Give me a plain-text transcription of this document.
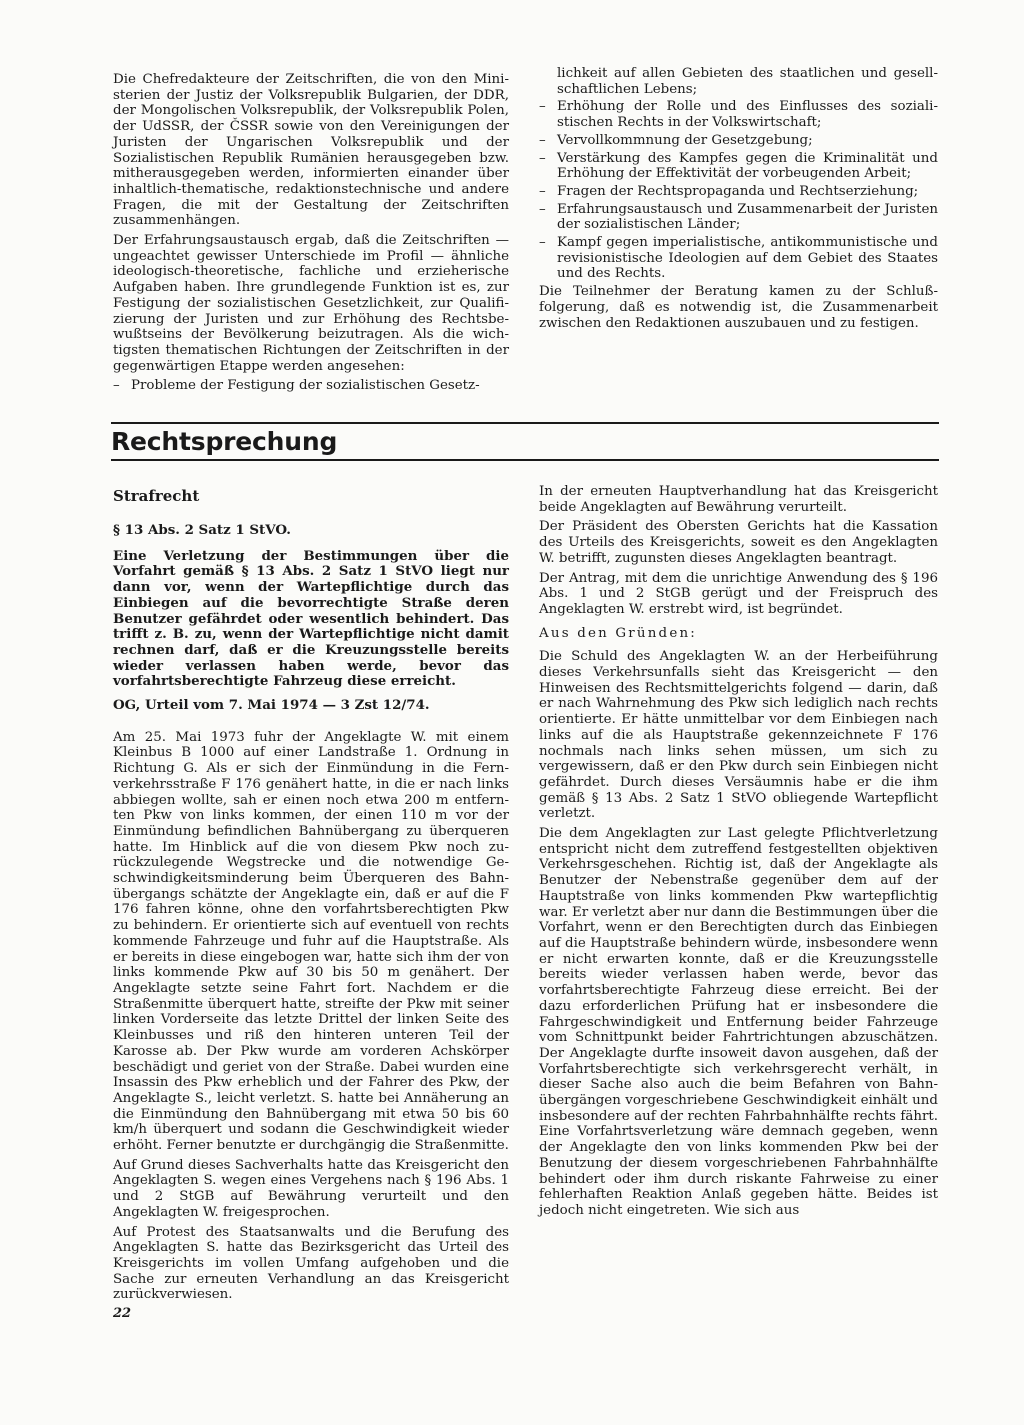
Die Chefredakteure der Zeitschriften, die von den Ministerien der Justiz der Volksrepublik Bulgarien, der DDR, der Mongolischen Volksrepublik, der Volksrepublik Polen, der UdSSR, der ČSSR sowie von den Vereinigungen der Juristen der Ungarischen Volksrepublik und der Sozialistischen Republik Rumänien herausgegeben bzw. mitherausgegeben werden, informierten einander über inhaltlich-thematische, redaktionstechnische und andere Fragen, die mit der Gestaltung der Zeitschriften zusammenhängen.

Der Erfahrungsaustausch ergab, daß die Zeitschriften — ungeachtet gewisser Unterschiede im Profil — ähnliche ideologisch-theoretische, fachliche und erzieherische Aufgaben haben. Ihre grundlegende Funktion ist es, zur Festigung der sozialistischen Gesetzlichkeit, zur Qualifizierung der Juristen und zur Erhöhung des Rechtsbewußtseins der Bevölkerung beizutragen. Als die wichtigsten thematischen Richtungen der Zeitschriften in der gegenwärtigen Etappe werden angesehen:

– Probleme der Festigung der sozialistischen Gesetz-
lichkeit auf allen Gebieten des staatlichen und gesellschaftlichen Lebens;
– Erhöhung der Rolle und des Einflusses des sozialistischen Rechts in der Volkswirtschaft;
– Vervollkommnung der Gesetzgebung;
– Verstärkung des Kampfes gegen die Kriminalität und Erhöhung der Effektivität der vorbeugenden Arbeit;
– Fragen der Rechtspropaganda und Rechtserziehung;
– Erfahrungsaustausch und Zusammenarbeit der Juristen der sozialistischen Länder;
– Kampf gegen imperialistische, antikommunistische und revisionistische Ideologien auf dem Gebiet des Staates und des Rechts.

Die Teilnehmer der Beratung kamen zu der Schlußfolgerung, daß es notwendig ist, die Zusammenarbeit zwischen den Redaktionen auszubauen und zu festigen.

Rechtsprechung
Strafrecht
§ 13 Abs. 2 Satz 1 StVO.
Eine Verletzung der Bestimmungen über die Vorfahrt gemäß § 13 Abs. 2 Satz 1 StVO liegt nur dann vor, wenn der Wartepflichtige durch das Einbiegen auf die bevorrechtigte Straße deren Benutzer gefährdet oder wesentlich behindert. Das trifft z. B. zu, wenn der Wartepflichtige nicht damit rechnen darf, daß er die Kreuzungsstelle bereits wieder verlassen haben werde, bevor das vorfahrtsberechtigte Fahrzeug diese erreicht.
OG, Urteil vom 7. Mai 1974 — 3 Zst 12/74.

Am 25. Mai 1973 fuhr der Angeklagte W. mit einem Kleinbus B 1000 auf einer Landstraße 1. Ordnung in Richtung G. Als er sich der Einmündung in die Fernverkehrsstraße F 176 genähert hatte, in die er nach links abbiegen wollte, sah er einen noch etwa 200 m entfernten Pkw von links kommen, der einen 110 m vor der Einmündung befindlichen Bahnübergang zu überqueren hatte. Im Hinblick auf die von diesem Pkw noch zurückzulegende Wegstrecke und die notwendige Geschwindigkeitsminderung beim Überqueren des Bahnübergangs schätzte der Angeklagte ein, daß er auf die F 176 fahren könne, ohne den vorfahrtsberechtigten Pkw zu behindern. Er orientierte sich auf eventuell von rechts kommende Fahrzeuge und fuhr auf die Hauptstraße. Als er bereits in diese eingebogen war, hatte sich ihm der von links kommende Pkw auf 30 bis 50 m genähert. Der Angeklagte setzte seine Fahrt fort. Nachdem er die Straßenmitte überquert hatte, streifte der Pkw mit seiner linken Vorderseite das letzte Drittel der linken Seite des Kleinbusses und riß den hinteren unteren Teil der Karosse ab. Der Pkw wurde am vorderen Achskörper beschädigt und geriet von der Straße. Dabei wurden eine Insassin des Pkw erheblich und der Fahrer des Pkw, der Angeklagte S., leicht verletzt. S. hatte bei Annäherung an die Einmündung den Bahnübergang mit etwa 50 bis 60 km/h überquert und sodann die Geschwindigkeit wieder erhöht. Ferner benutzte er durchgängig die Straßenmitte.

Auf Grund dieses Sachverhalts hatte das Kreisgericht den Angeklagten S. wegen eines Vergehens nach § 196 Abs. 1 und 2 StGB auf Bewährung verurteilt und den Angeklagten W. freigesprochen.

Auf Protest des Staatsanwalts und die Berufung des Angeklagten S. hatte das Bezirksgericht das Urteil des Kreisgerichts im vollen Umfang aufgehoben und die Sache zur erneuten Verhandlung an das Kreisgericht zurückverwiesen.

In der erneuten Hauptverhandlung hat das Kreisgericht beide Angeklagten auf Bewährung verurteilt.

Der Präsident des Obersten Gerichts hat die Kassation des Urteils des Kreisgerichts, soweit es den Angeklagten W. betrifft, zugunsten dieses Angeklagten beantragt.

Der Antrag, mit dem die unrichtige Anwendung des § 196 Abs. 1 und 2 StGB gerügt und der Freispruch des Angeklagten W. erstrebt wird, ist begründet.

Aus den Gründen:

Die Schuld des Angeklagten W. an der Herbeiführung dieses Verkehrsunfalls sieht das Kreisgericht — den Hinweisen des Rechtsmittelgerichts folgend — darin, daß er nach Wahrnehmung des Pkw sich lediglich nach rechts orientierte. Er hätte unmittelbar vor dem Einbiegen nach links auf die als Hauptstraße gekennzeichnete F 176 nochmals nach links sehen müssen, um sich zu vergewissern, daß er den Pkw durch sein Einbiegen nicht gefährdet. Durch dieses Versäumnis habe er die ihm gemäß § 13 Abs. 2 Satz 1 StVO obliegende Wartepflicht verletzt.

Die dem Angeklagten zur Last gelegte Pflichtverletzung entspricht nicht dem zutreffend festgestellten objektiven Verkehrsgeschehen. Richtig ist, daß der Angeklagte als Benutzer der Nebenstraße gegenüber dem auf der Hauptstraße von links kommenden Pkw wartepflichtig war. Er verletzt aber nur dann die Bestimmungen über die Vorfahrt, wenn er den Berechtigten durch das Einbiegen auf die Hauptstraße behindern würde, insbesondere wenn er nicht erwarten konnte, daß er die Kreuzungsstelle bereits wieder verlassen haben werde, bevor das vorfahrtsberechtigte Fahrzeug diese erreicht. Bei der dazu erforderlichen Prüfung hat er insbesondere die Fahrgeschwindigkeit und Entfernung beider Fahrzeuge vom Schnittpunkt beider Fahrtrichtungen abzuschätzen. Der Angeklagte durfte insoweit davon ausgehen, daß der Vorfahrtsberechtigte sich verkehrsgerecht verhält, in dieser Sache also auch die beim Befahren von Bahnübergängen vorgeschriebene Geschwindigkeit einhält und insbesondere auf der rechten Fahrbahnhälfte rechts fährt. Eine Vorfahrtsverletzung wäre demnach gegeben, wenn der Angeklagte den von links kommenden Pkw bei der Benutzung der diesem vorgeschriebenen Fahrbahnhälfte behindert oder ihm durch riskante Fahrweise zu einer fehlerhaften Reaktion Anlaß gegeben hätte. Beides ist jedoch nicht eingetreten. Wie sich aus

22
